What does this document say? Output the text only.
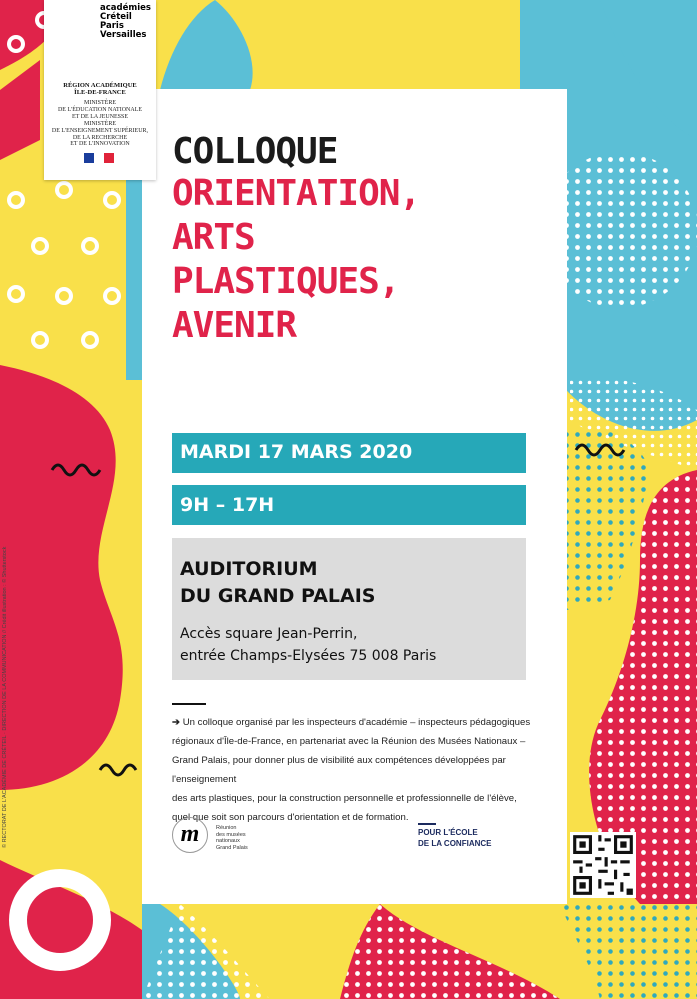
académies
Créteil
Paris
Versailles
RÉGION ACADÉMIQUE
ÎLE-DE-FRANCE
MINISTÈRE
DE L'ÉDUCATION NATIONALE
ET DE LA JEUNESSE
MINISTÈRE
DE L'ENSEIGNEMENT SUPÉRIEUR,
DE LA RECHERCHE
ET DE L'INNOVATION	COLLOQUE
ORIENTATION,
ARTS
PLASTIQUES,
AVENIR
MARDI 17 MARS 2020
9H – 17H
AUDITORIUM
DU GRAND PALAIS
Accès square Jean-Perrin,
entrée Champs-Elysées 75 008 Paris
➔ Un colloque organisé par les inspecteurs d'académie – inspecteurs pédagogiques
régionaux d'Île-de-France, en partenariat avec la Réunion des Musées Nationaux –
Grand Palais, pour donner plus de visibilité aux compétences développées par l'enseignement
des arts plastiques, pour la construction personnelle et professionnelle de l'élève,
quel que soit son parcours d'orientation et de formation.
m	Réunion
des musées
nationaux
Grand Palais
POUR L'ÉCOLE
DE LA CONFIANCE
